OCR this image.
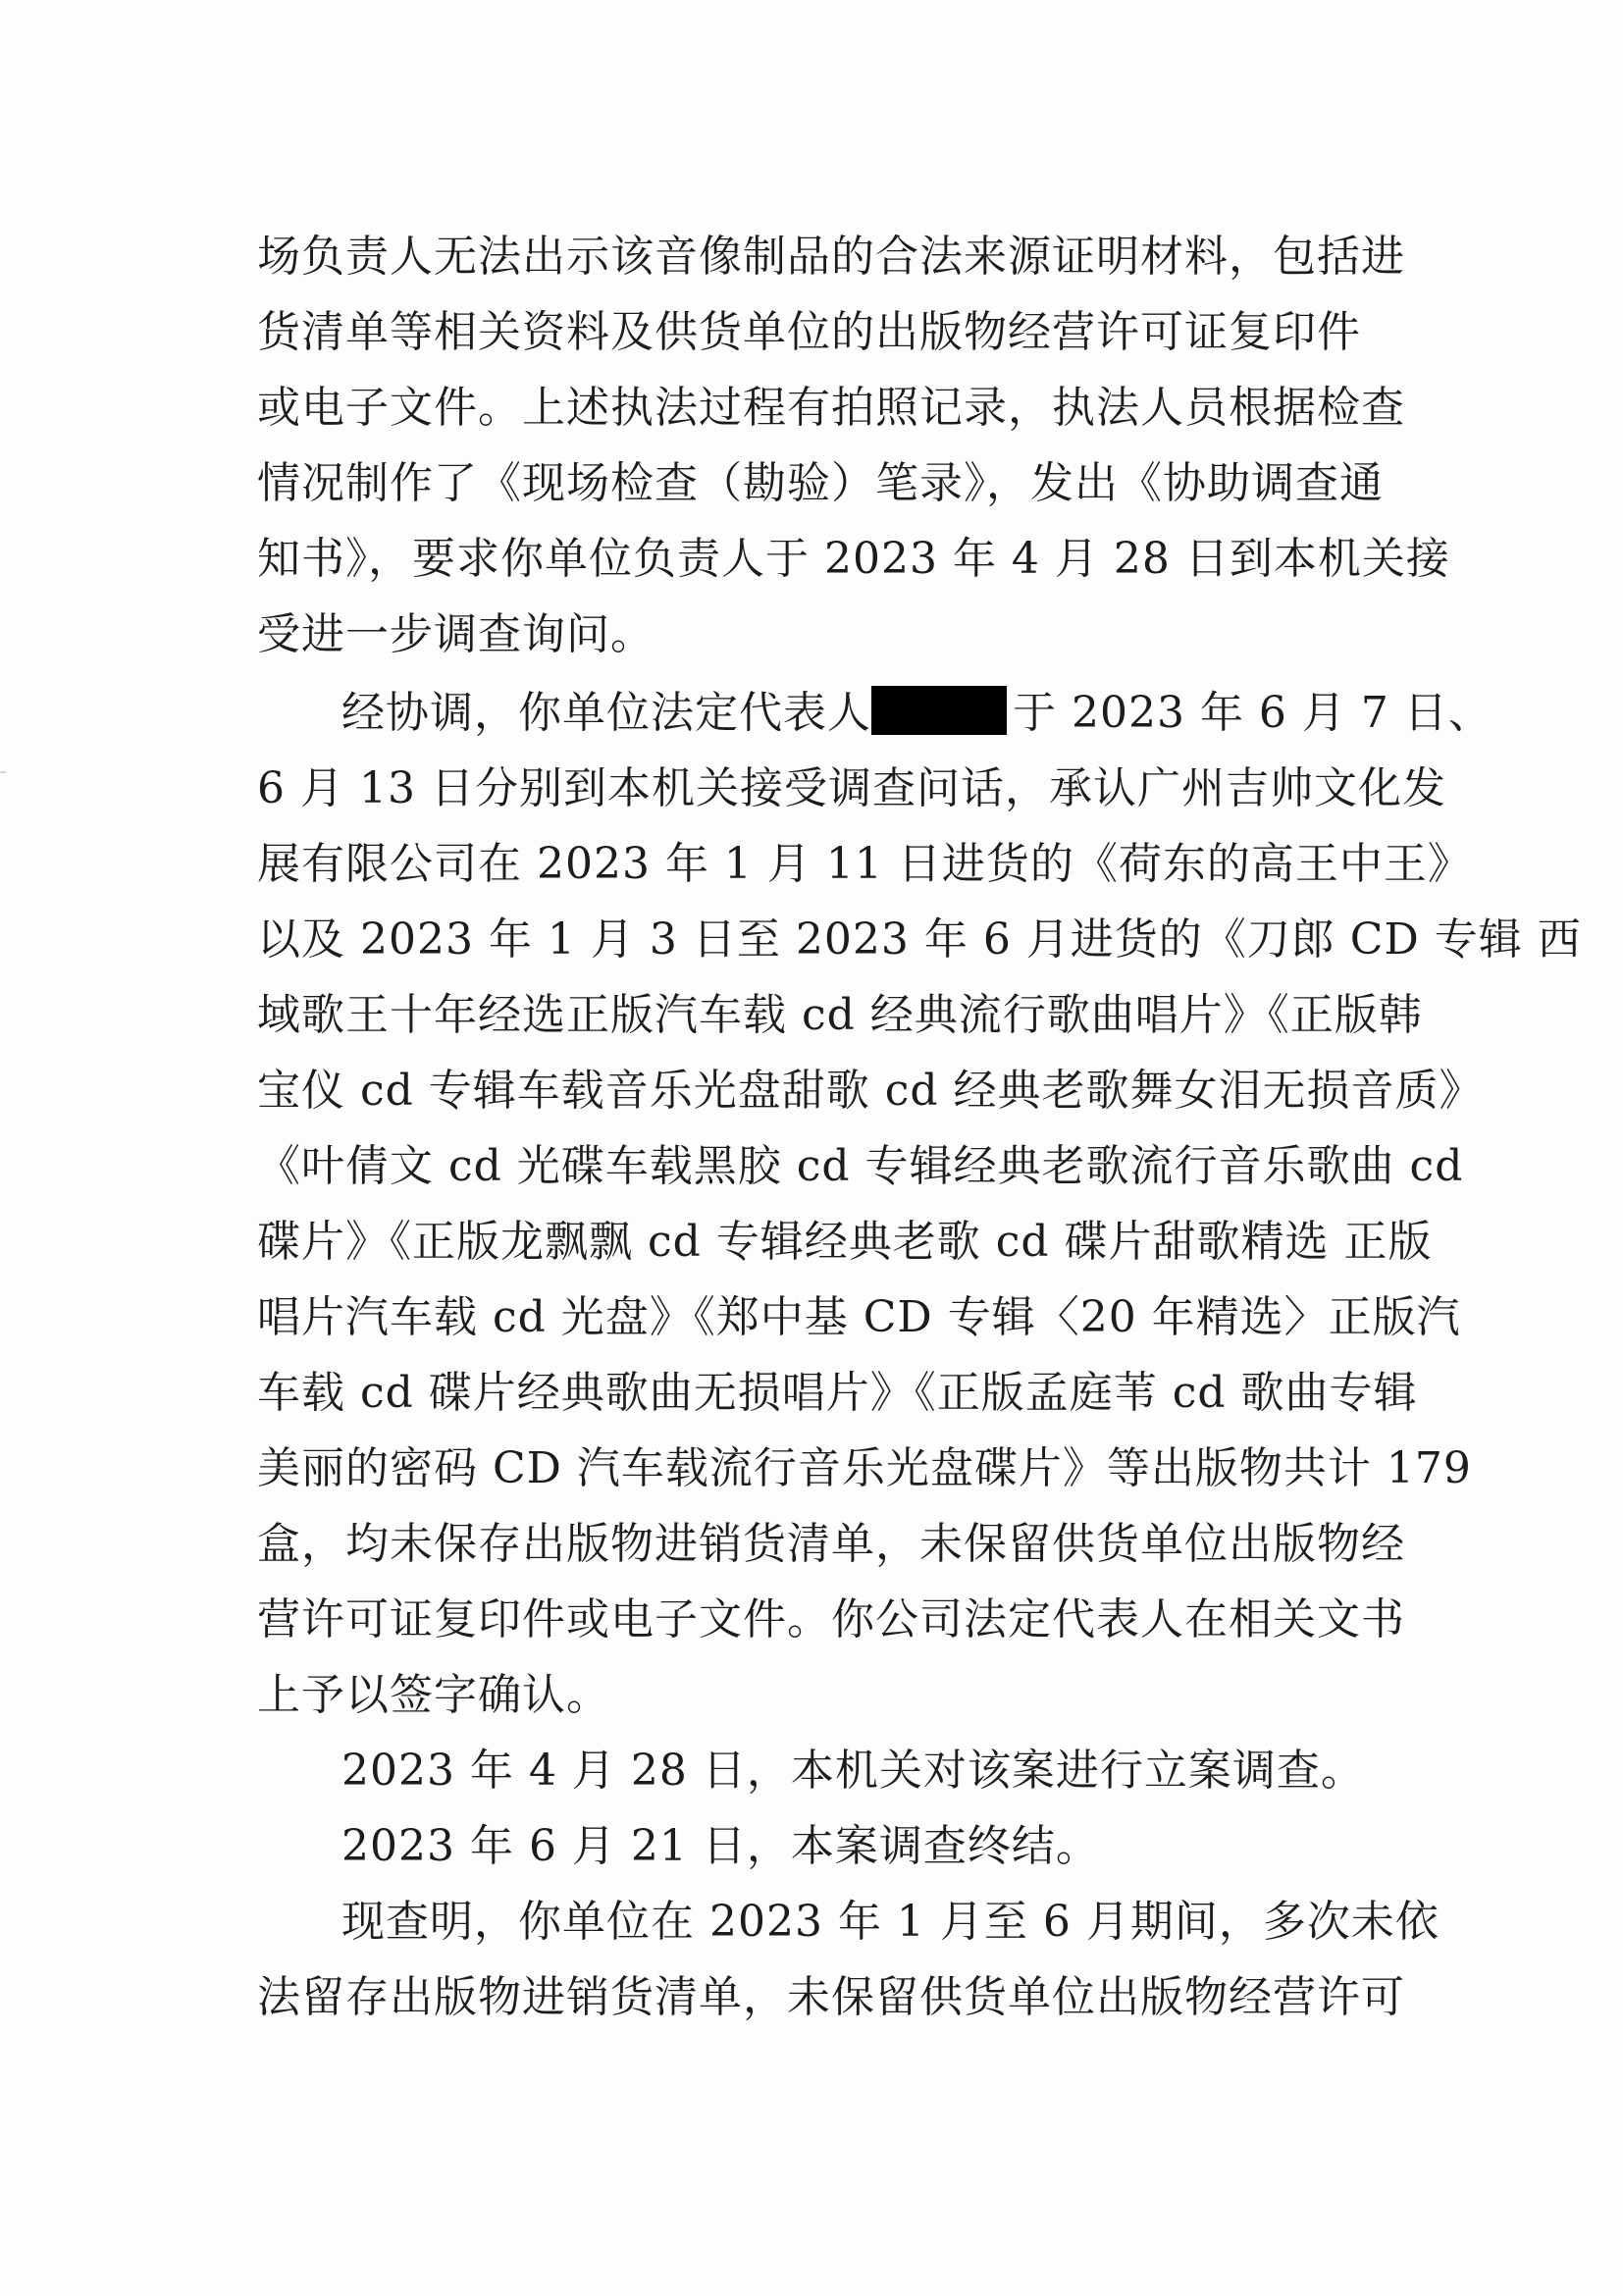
场负责人无法出示该音像制品的合法来源证明材料，包括进
货清单等相关资料及供货单位的出版物经营许可证复印件
或电子文件。上述执法过程有拍照记录，执法人员根据检查
情况制作了《现场检查（勘验）笔录》，发出《协助调查通
知书》，要求你单位负责人于 2023 年 4 月 28 日到本机关接
受进一步调查询问。
经协调，你单位法定代表人	于 2023 年 6 月 7 日、
6 月 13 日分别到本机关接受调查问话，承认广州吉帅文化发
展有限公司在 2023 年 1 月 11 日进货的《荷东的高王中王》
以及 2023 年 1 月 3 日至 2023 年 6 月进货的《刀郎 CD 专辑 西
域歌王十年经选正版汽车载 cd 经典流行歌曲唱片》《正版韩
宝仪 cd 专辑车载音乐光盘甜歌 cd 经典老歌舞女泪无损音质》
《叶倩文 cd 光碟车载黑胶 cd 专辑经典老歌流行音乐歌曲 cd
碟片》《正版龙飘飘 cd 专辑经典老歌 cd 碟片甜歌精选 正版
唱片汽车载 cd 光盘》《郑中基 CD 专辑〈20 年精选〉正版汽
车载 cd 碟片经典歌曲无损唱片》《正版孟庭苇 cd 歌曲专辑
美丽的密码 CD 汽车载流行音乐光盘碟片》等出版物共计 179
盒，均未保存出版物进销货清单，未保留供货单位出版物经
营许可证复印件或电子文件。你公司法定代表人在相关文书
上予以签字确认。
2023 年 4 月 28 日，本机关对该案进行立案调查。
2023 年 6 月 21 日，本案调查终结。
现查明，你单位在 2023 年 1 月至 6 月期间，多次未依
法留存出版物进销货清单，未保留供货单位出版物经营许可
